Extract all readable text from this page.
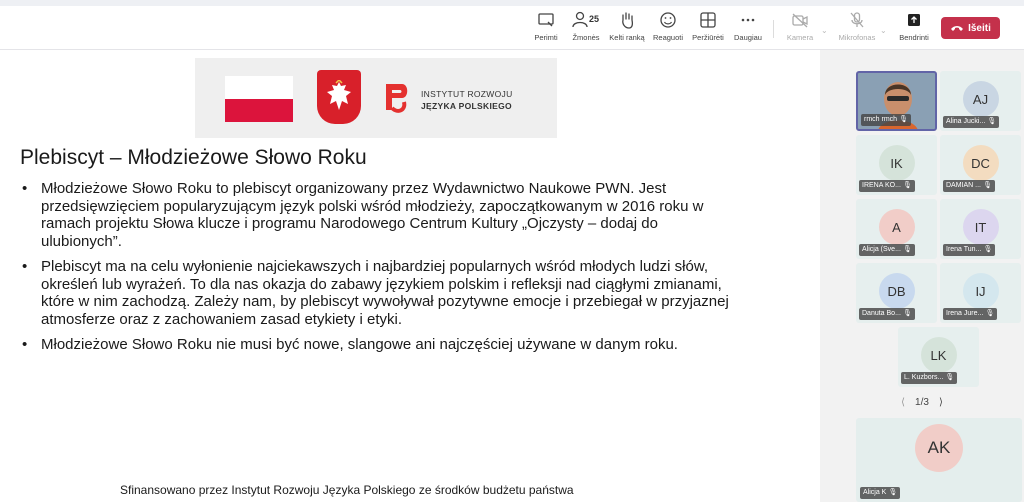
Perimti
25
Žmonės	Kelti ranką	Reaguoti	Peržiūrėti	Daugiau	Kamera
⌄
Mikrofonas
⌄
Bendrinti
Išeiti
INSTYTUT ROZWOJU
JĘZYKA POLSKIEGO
Plebiscyt – Młodzieżowe Słowo Roku
• Młodzieżowe Słowo Roku to plebiscyt organizowany przez Wydawnictwo Naukowe PWN. Jest przedsięwzięciem popularyzującym język polski wśród młodzieży, zapoczątkowanym w 2016 roku w ramach projektu Słowa klucze i programu Narodowego Centrum Kultury „Ojczysty – dodaj do ulubionych”.
• Plebiscyt ma na celu wyłonienie najciekawszych i najbardziej popularnych wśród młodych ludzi słów, określeń lub wyrażeń. To dla nas okazja do zabawy językiem polskim i refleksji nad ciągłymi zmianami, które w nim zachodzą. Zależy nam, by plebiscyt wywoływał pozytywne emocje i przebiegał w przyjaznej atmosferze oraz z zachowaniem zasad etykiety i etyki.
• Młodzieżowe Słowo Roku nie musi być nowe, slangowe ani najczęściej używane w danym roku.
Sfinansowano przez Instytut Rozwoju Języka Polskiego ze środków budżetu państwa
rmch rmch 🎙
AJ
Alina Jucki... 🎙
IK
IRENA KO... 🎙
DC
DAMIAN ... 🎙
A
Alicja (Sve... 🎙
IT
Irena Tun... 🎙
DB
Danuta Bo... 🎙
IJ
Irena Jure... 🎙
LK
L. Kuzbors... 🎙
⟨ 1/3 ⟩
AK
Alicja K 🎙
